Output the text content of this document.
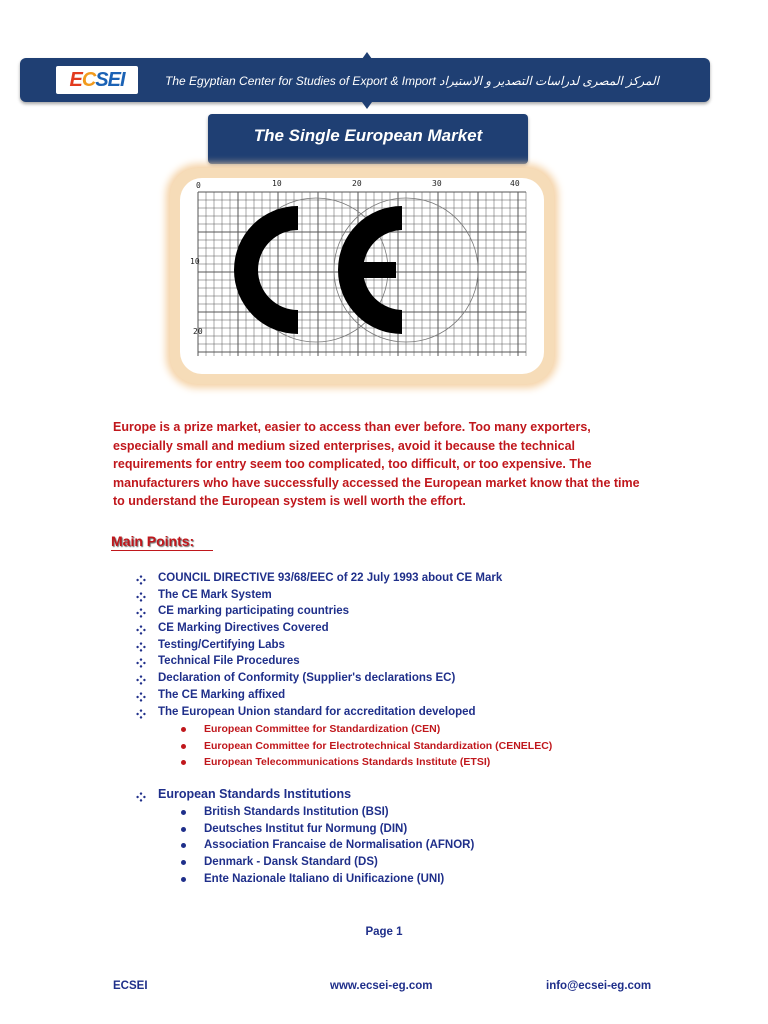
ECSEI	The Egyptian Center for Studies of Export & Import المركز المصرى لدراسات التصدير و الاستيراد
The Single European Market
0	10	20	30	40
10
20

Europe is a prize market, easier to access than ever before. Too many exporters, especially small and medium sized enterprises, avoid it because the technical requirements for entry seem too complicated, too difficult, or too expensive. The manufacturers who have successfully accessed the European market know that the time to understand the European system is well worth the effort.

Main Points:
COUNCIL DIRECTIVE 93/68/EEC of 22 July 1993 about CE Mark
The CE Mark System
CE marking participating countries
CE Marking Directives Covered
Testing/Certifying Labs
Technical File Procedures
Declaration of Conformity (Supplier's declarations EC)
The CE Marking affixed
The European Union standard for accreditation developed
European Committee for Standardization (CEN)
European Committee for Electrotechnical Standardization (CENELEC)
European Telecommunications Standards Institute (ETSI)
European Standards Institutions
British Standards Institution (BSI)
Deutsches Institut fur Normung (DIN)
Association Francaise de Normalisation (AFNOR)
Denmark - Dansk Standard (DS)
Ente Nazionale Italiano di Unificazione (UNI)
Page 1
ECSEI	www.ecsei-eg.com	info@ecsei-eg.com
